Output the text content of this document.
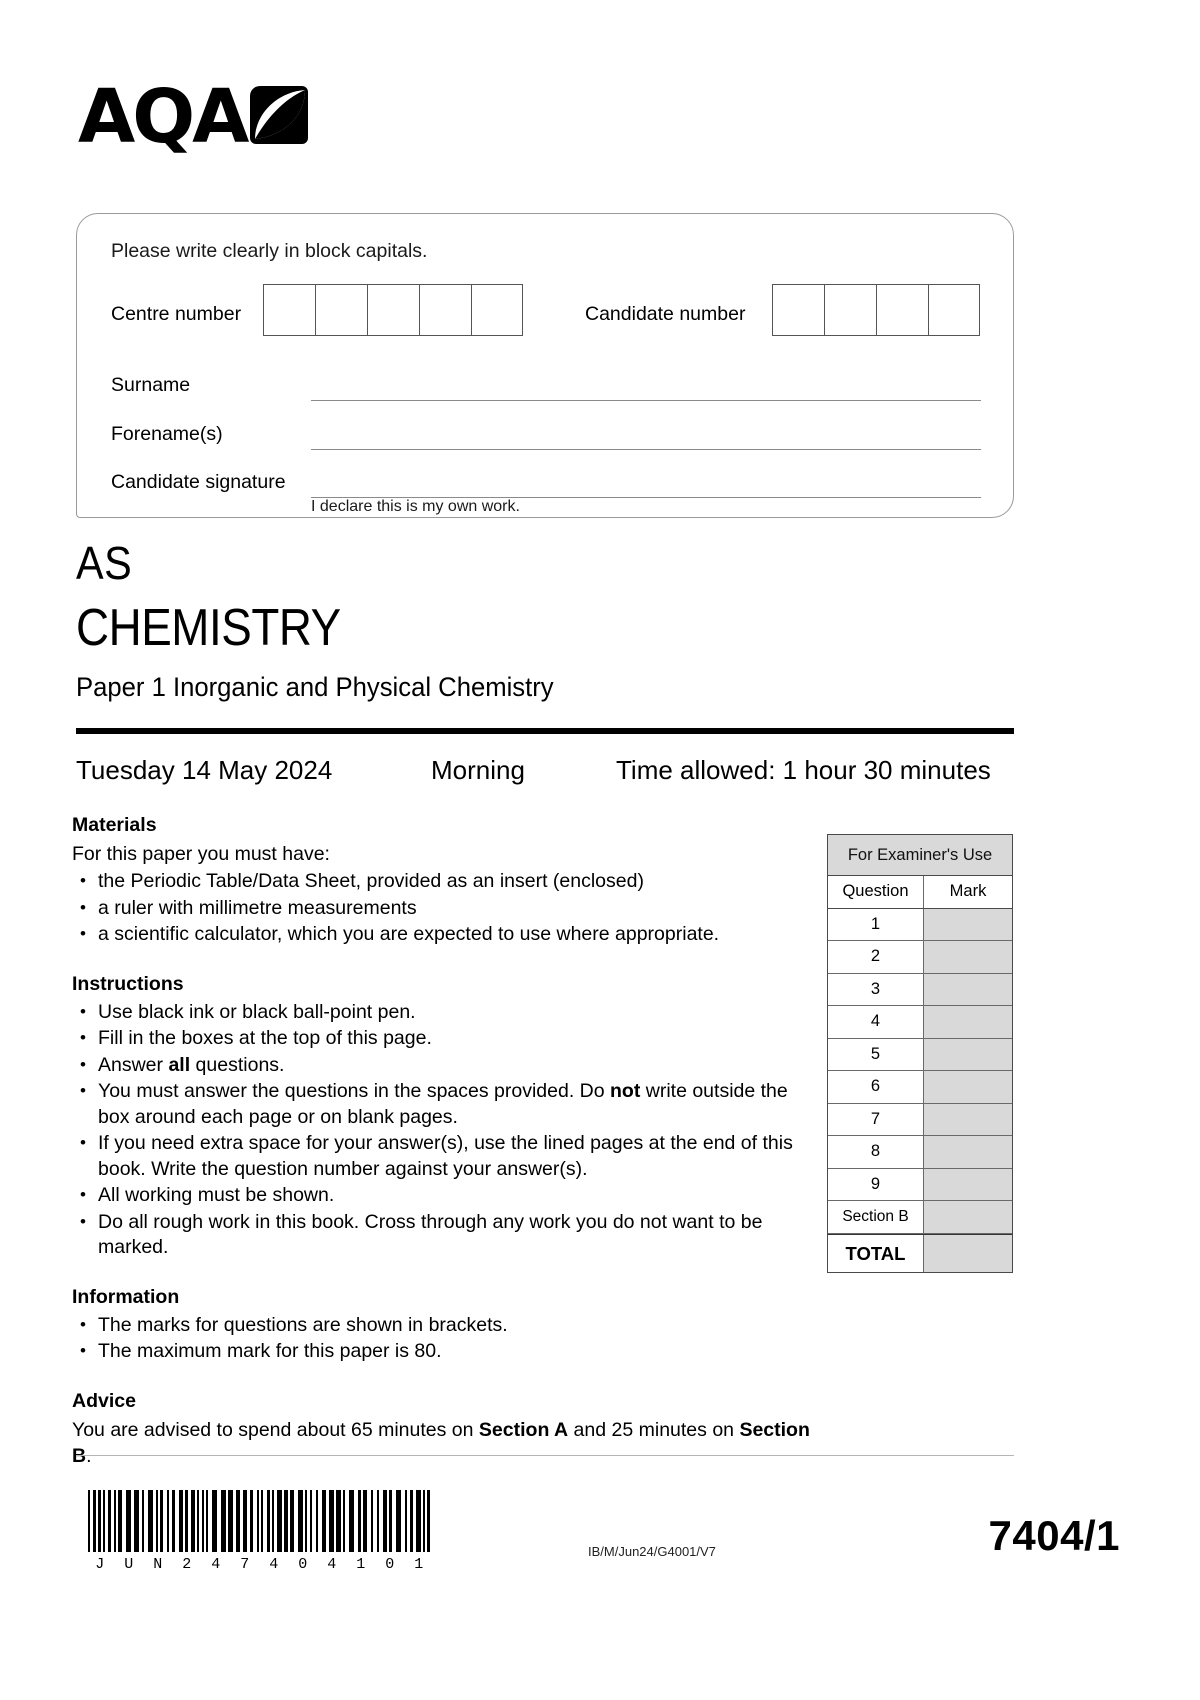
AQA
Please write clearly in block capitals.
Centre number	Candidate number
Surname
Forename(s)
Candidate signature
I declare this is my own work.
AS
CHEMISTRY
Paper 1 Inorganic and Physical Chemistry
Tuesday 14 May 2024	Morning	Time allowed: 1 hour 30 minutes

Materials

For this paper you must have:

• the Periodic Table/Data Sheet, provided as an insert (enclosed)
• a ruler with millimetre measurements
• a scientific calculator, which you are expected to use where appropriate.

Instructions

• Use black ink or black ball-point pen.
• Fill in the boxes at the top of this page.
• Answer all questions.
• You must answer the questions in the spaces provided. Do not write outside the box around each page or on blank pages.
• If you need extra space for your answer(s), use the lined pages at the end of this book. Write the question number against your answer(s).
• All working must be shown.
• Do all rough work in this book. Cross through any work you do not want to be marked.

Information

• The marks for questions are shown in brackets.
• The maximum mark for this paper is 80.

Advice

You are advised to spend about 65 minutes on Section A and 25 minutes on Section B.

For Examiner's Use
Question	Mark
1
2
3
4
5
6
7
8
9
Section B
TOTAL
J U N 2 4 7 4 0 4 1 0 1
IB/M/Jun24/G4001/V7	7404/1
